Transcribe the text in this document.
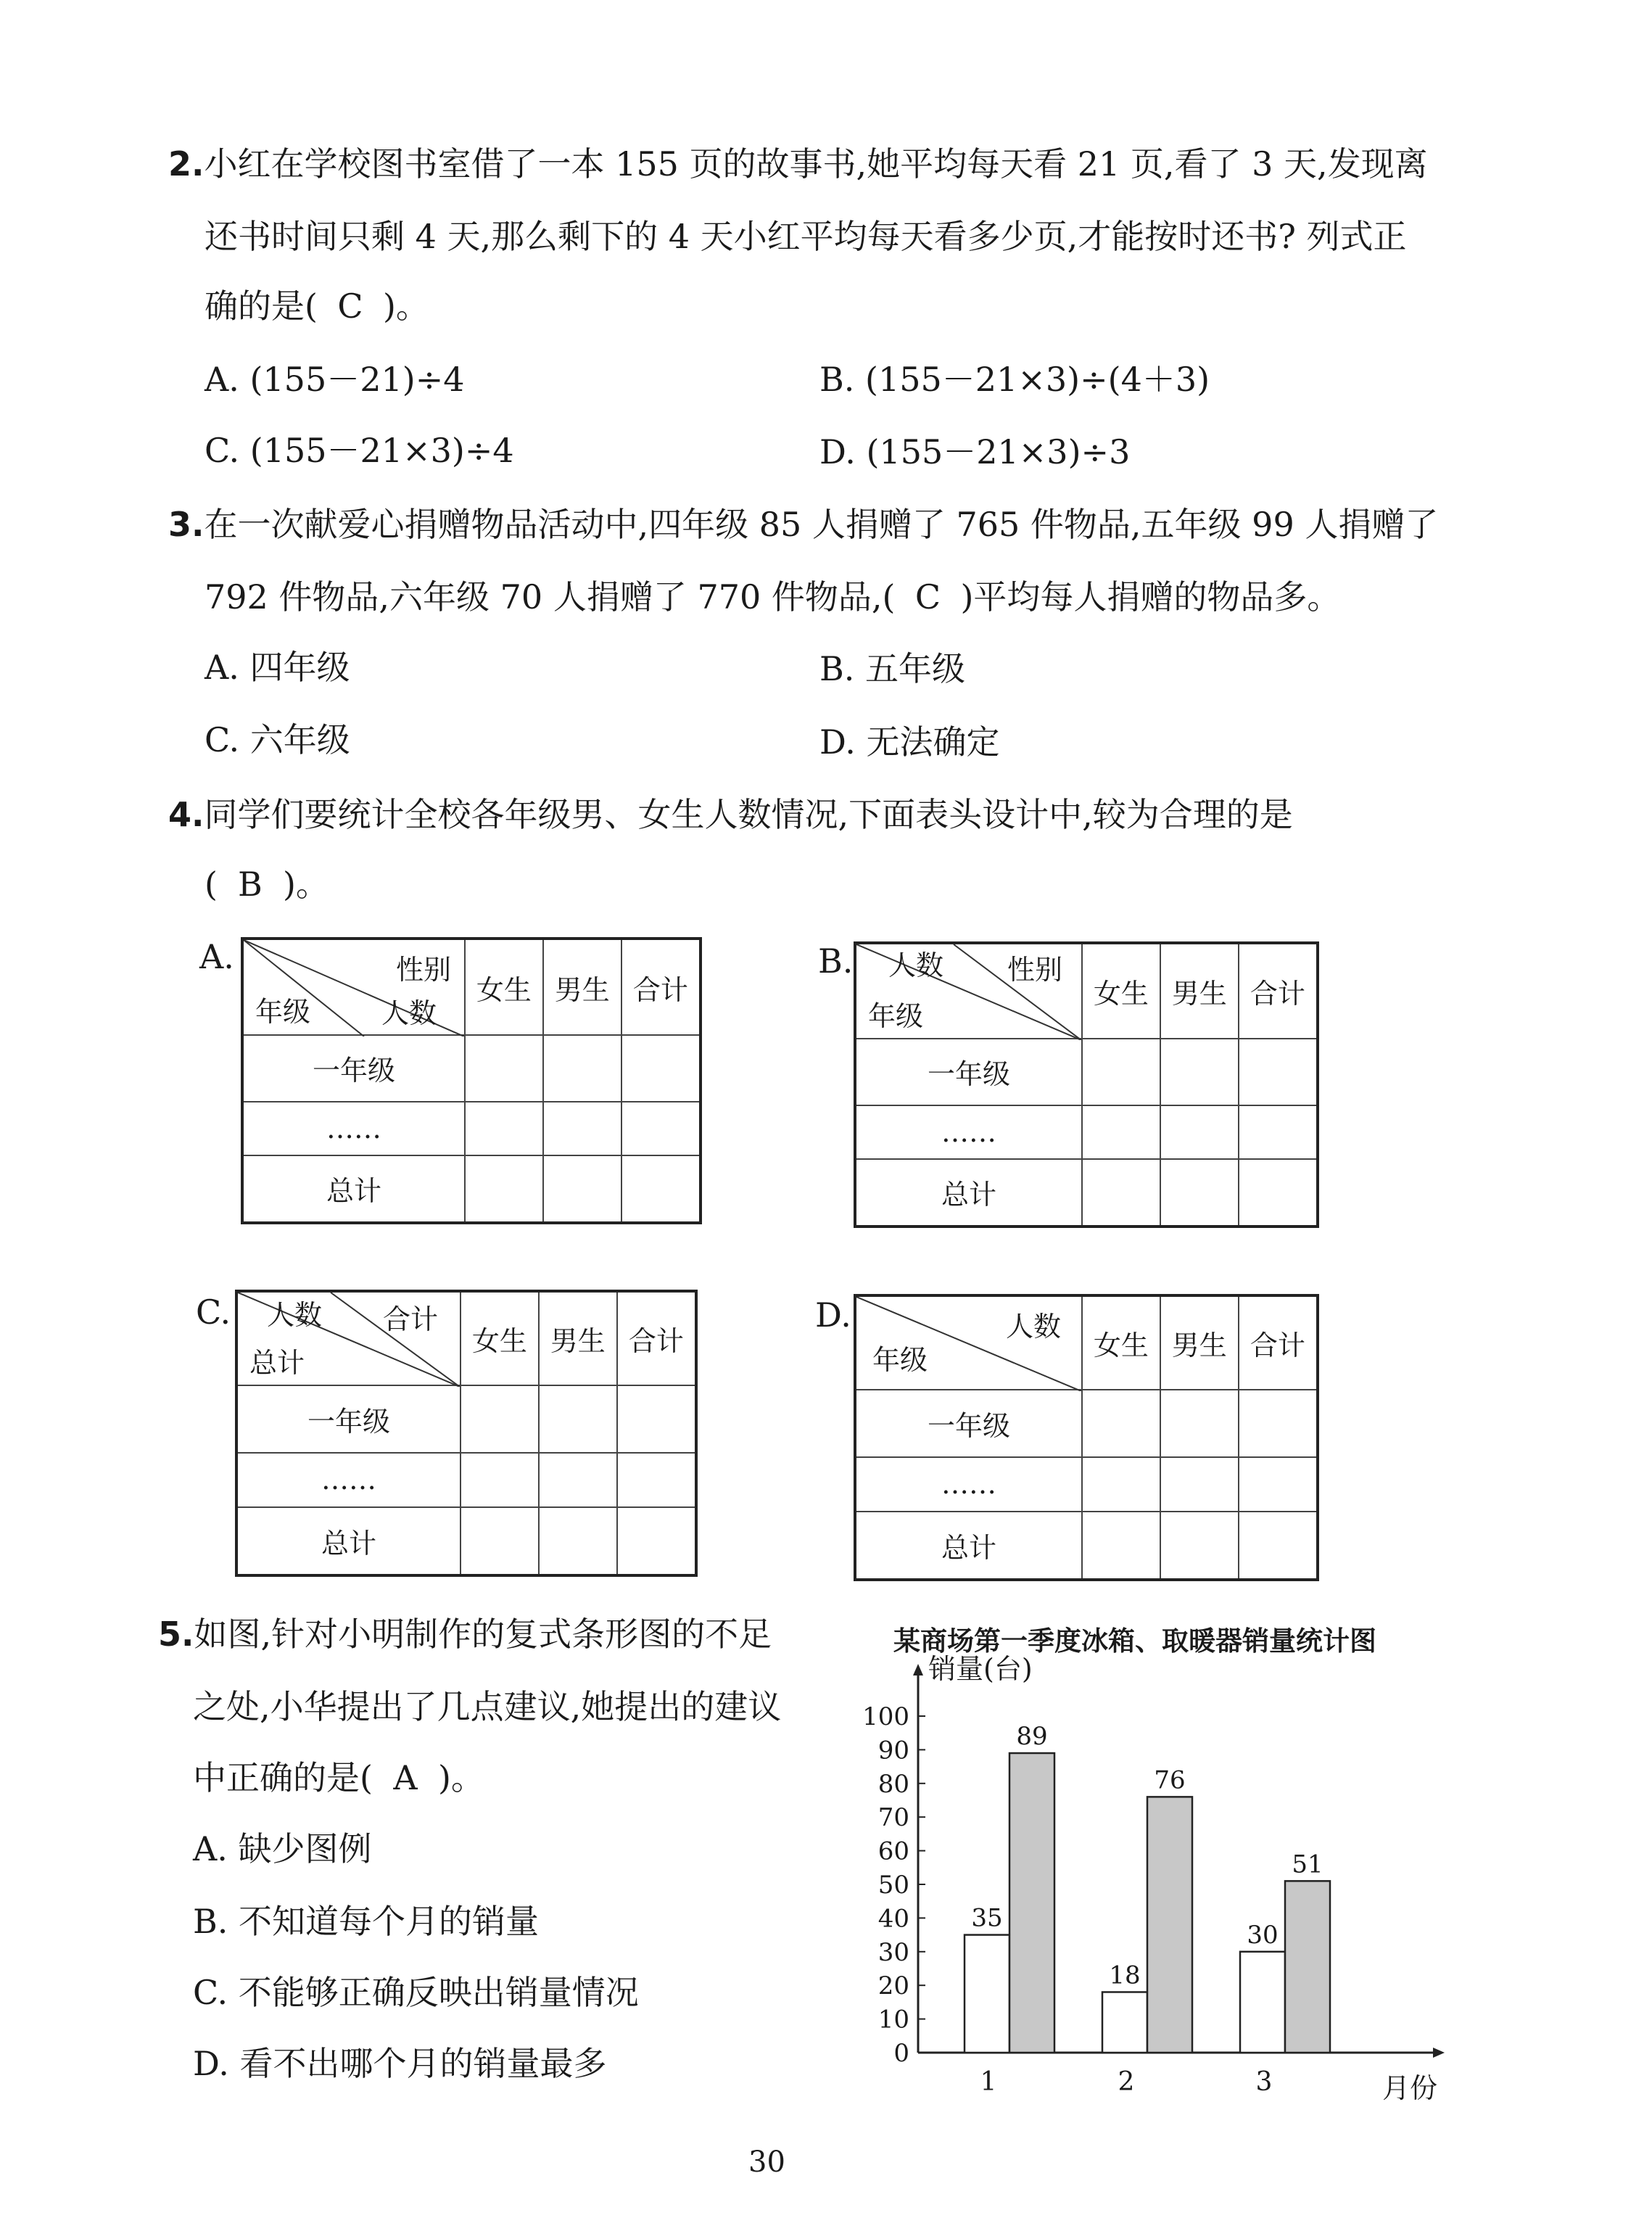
2.小红在学校图书室借了一本 155 页的故事书,她平均每天看 21 页,看了 3 天,发现离
还书时间只剩 4 天,那么剩下的 4 天小红平均每天看多少页,才能按时还书? 列式正
确的是( C )。
A. (155－21)÷4	B. (155－21×3)÷(4＋3)
C. (155－21×3)÷4	D. (155－21×3)÷3
3.在一次献爱心捐赠物品活动中,四年级 85 人捐赠了 765 件物品,五年级 99 人捐赠了
792 件物品,六年级 70 人捐赠了 770 件物品,( C )平均每人捐赠的物品多。
A. 四年级	B. 五年级
C. 六年级	D. 无法确定
4.同学们要统计全校各年级男、女生人数情况,下面表头设计中,较为合理的是
( B )。
A.	性别
年级 人数	女生	男生	合计
一年级			
……			
总计			
B. 人数 性别
年级	女生	男生	合计
一年级			
……			
总计			
C. 人数 合计
总计	女生	男生	合计
一年级			
……			
总计			
D.	人数
年级	女生	男生	合计
一年级			
……			
总计			
5.如图,针对小明制作的复式条形图的不足
之处,小华提出了几点建议,她提出的建议
中正确的是( A )。
A. 缺少图例
B. 不知道每个月的销量
C. 不能够正确反映出销量情况
D. 看不出哪个月的销量最多
某商场第一季度冰箱、取暖器销量统计图
销量(台)
月份
0
10
20
30
40
50
60
70
80
90
100
35
89
1
18
76
2
30
51
3
30
